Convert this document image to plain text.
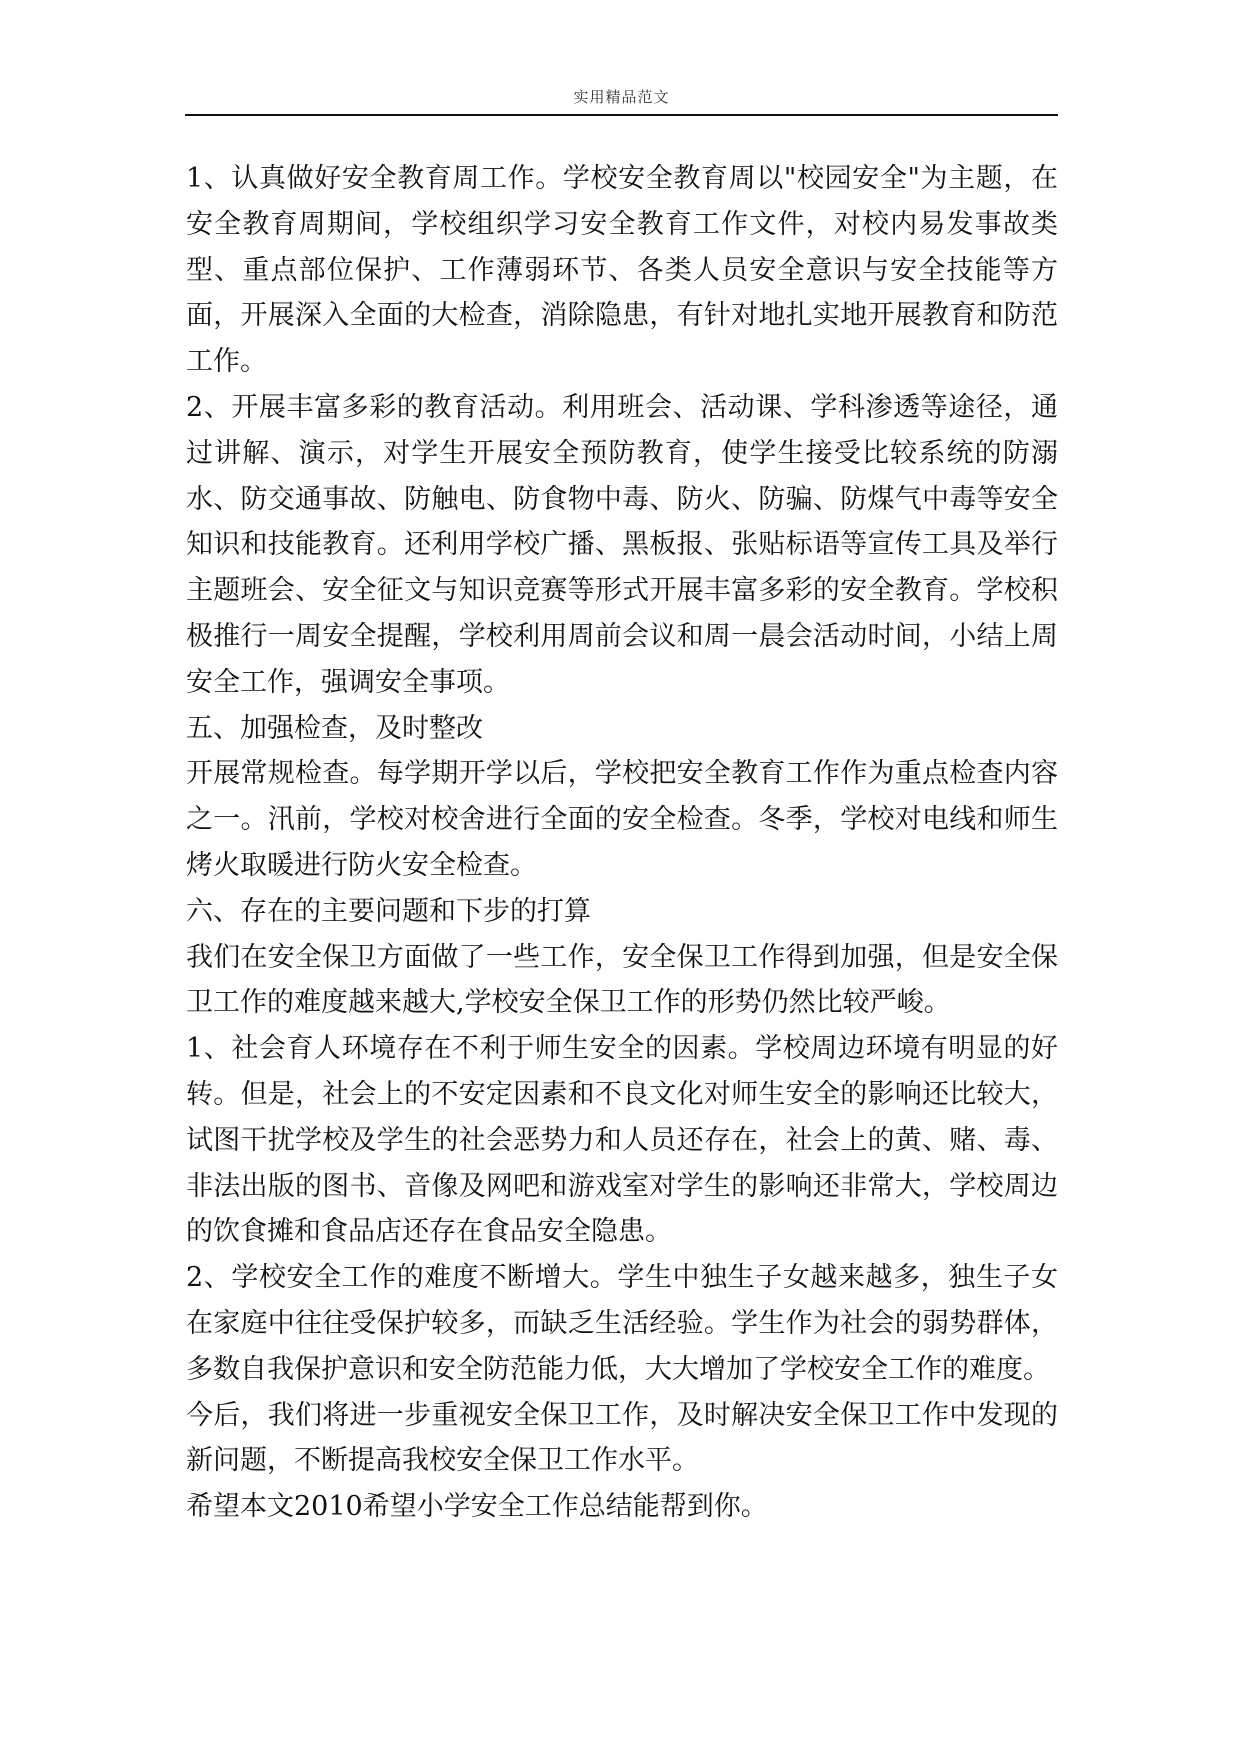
实用精品范文

1、认真做好安全教育周工作。学校安全教育周以"校园安全"为主题，在安全教育周期间，学校组织学习安全教育工作文件，对校内易发事故类型、重点部位保护、工作薄弱环节、各类人员安全意识与安全技能等方面，开展深入全面的大检查，消除隐患，有针对地扎实地开展教育和防范工作。

2、开展丰富多彩的教育活动。利用班会、活动课、学科渗透等途径，通过讲解、演示，对学生开展安全预防教育，使学生接受比较系统的防溺水、防交通事故、防触电、防食物中毒、防火、防骗、防煤气中毒等安全知识和技能教育。还利用学校广播、黑板报、张贴标语等宣传工具及举行主题班会、安全征文与知识竞赛等形式开展丰富多彩的安全教育。学校积极推行一周安全提醒，学校利用周前会议和周一晨会活动时间，小结上周安全工作，强调安全事项。

五、加强检查，及时整改

开展常规检查。每学期开学以后，学校把安全教育工作作为重点检查内容之一。汛前，学校对校舍进行全面的安全检查。冬季，学校对电线和师生烤火取暖进行防火安全检查。

六、存在的主要问题和下步的打算

我们在安全保卫方面做了一些工作，安全保卫工作得到加强，但是安全保卫工作的难度越来越大,学校安全保卫工作的形势仍然比较严峻。

1、社会育人环境存在不利于师生安全的因素。学校周边环境有明显的好转。但是，社会上的不安定因素和不良文化对师生安全的影响还比较大，试图干扰学校及学生的社会恶势力和人员还存在，社会上的黄、赌、毒、非法出版的图书、音像及网吧和游戏室对学生的影响还非常大，学校周边的饮食摊和食品店还存在食品安全隐患。

2、学校安全工作的难度不断增大。学生中独生子女越来越多，独生子女在家庭中往往受保护较多，而缺乏生活经验。学生作为社会的弱势群体，多数自我保护意识和安全防范能力低，大大增加了学校安全工作的难度。

今后，我们将进一步重视安全保卫工作，及时解决安全保卫工作中发现的新问题，不断提高我校安全保卫工作水平。

希望本文2010希望小学安全工作总结能帮到你。
